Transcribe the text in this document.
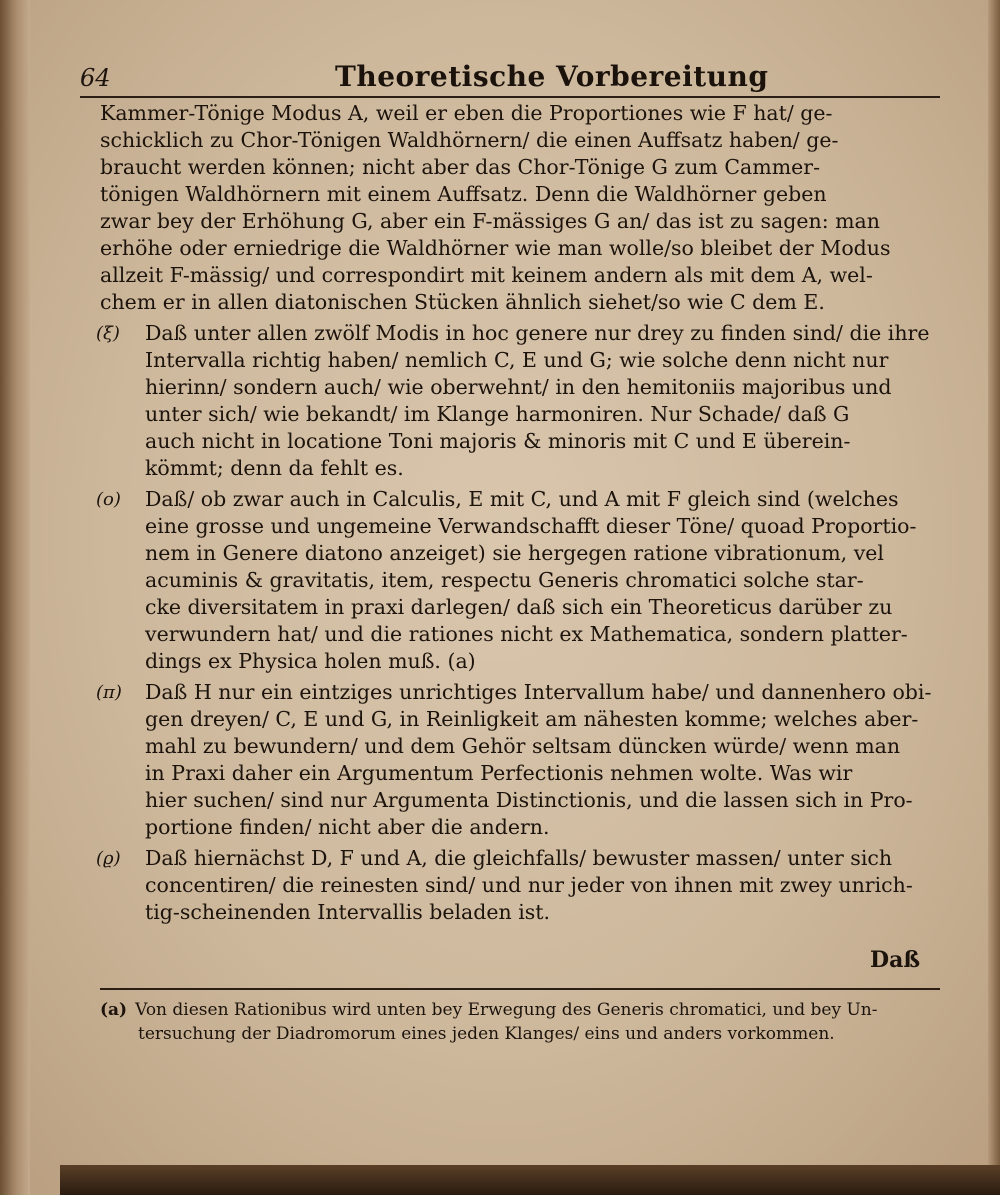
64	Theoretische Vorbereitung
Kammer-Tönige Modus A, weil er eben die Proportiones wie F hat/ ge-
schicklich zu Chor-Tönigen Waldhörnern/ die einen Auffsatz haben/ ge-
braucht werden können; nicht aber das Chor-Tönige G zum Cammer-
tönigen Waldhörnern mit einem Auffsatz. Denn die Waldhörner geben
zwar bey der Erhöhung G, aber ein F-mässiges G an/ das ist zu sagen: man
erhöhe oder erniedrige die Waldhörner wie man wolle/so bleibet der Modus
allzeit F-mässig/ und correspondirt mit keinem andern als mit dem A, wel-
chem er in allen diatonischen Stücken ähnlich siehet/so wie C dem E.
(ξ)	Daß unter allen zwölf Modis in hoc genere nur drey zu finden sind/ die ihre
Intervalla richtig haben/ nemlich C, E und G; wie solche denn nicht nur
hierinn/ sondern auch/ wie oberwehnt/ in den hemitoniis majoribus und
unter sich/ wie bekandt/ im Klange harmoniren. Nur Schade/ daß G
auch nicht in locatione Toni majoris & minoris mit C und E überein-
kömmt; denn da fehlt es.
(ο)	Daß/ ob zwar auch in Calculis, E mit C, und A mit F gleich sind (welches
eine grosse und ungemeine Verwandschafft dieser Töne/ quoad Proportio-
nem in Genere diatono anzeiget) sie hergegen ratione vibrationum, vel
acuminis & gravitatis, item, respectu Generis chromatici solche star-
cke diversitatem in praxi darlegen/ daß sich ein Theoreticus darüber zu
verwundern hat/ und die rationes nicht ex Mathematica, sondern platter-
dings ex Physica holen muß. (a)
(π)	Daß H nur ein eintziges unrichtiges Intervallum habe/ und dannenhero obi-
gen dreyen/ C, E und G, in Reinligkeit am nähesten komme; welches aber-
mahl zu bewundern/ und dem Gehör seltsam düncken würde/ wenn man
in Praxi daher ein Argumentum Perfectionis nehmen wolte. Was wir
hier suchen/ sind nur Argumenta Distinctionis, und die lassen sich in Pro-
portione finden/ nicht aber die andern.
(ϱ)	Daß hiernächst D, F und A, die gleichfalls/ bewuster massen/ unter sich
concentiren/ die reinesten sind/ und nur jeder von ihnen mit zwey unrich-
tig-scheinenden Intervallis beladen ist.
Daß
(a) Von diesen Rationibus wird unten bey Erwegung des Generis chromatici, und bey Un-
tersuchung der Diadromorum eines jeden Klanges/ eins und anders vorkommen.
